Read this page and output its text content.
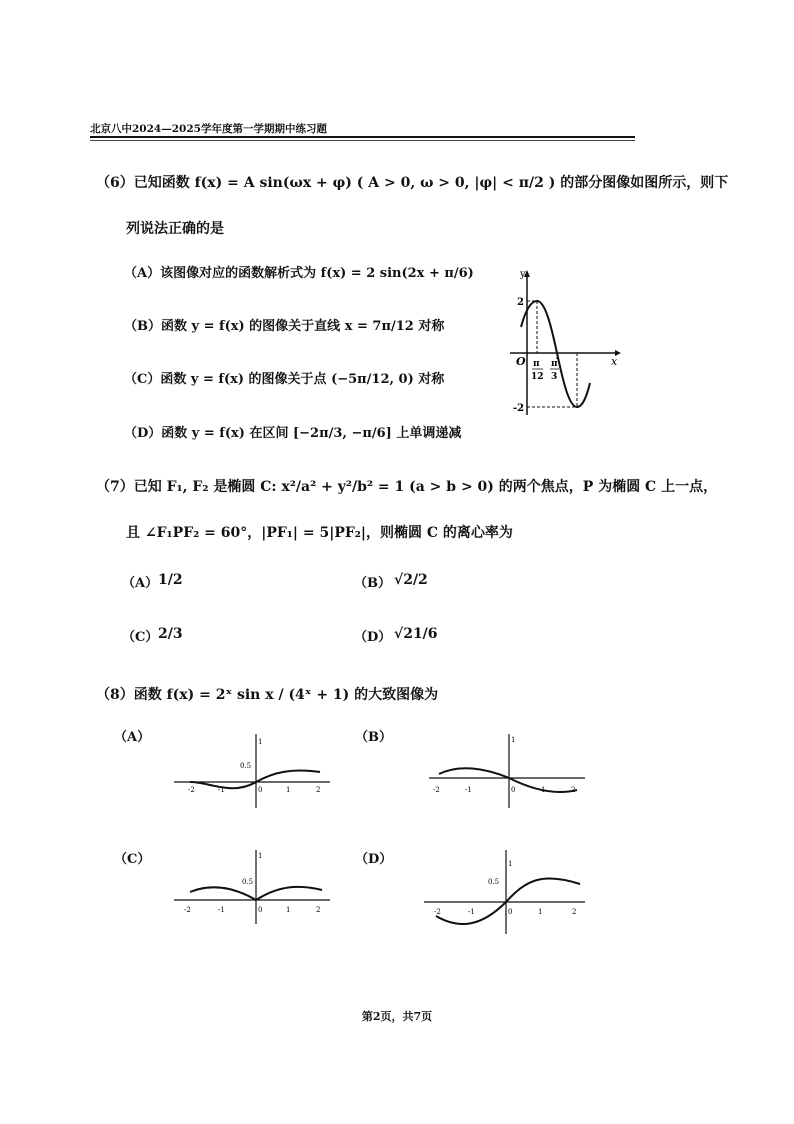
北京八中2024—2025学年度第一学期期中练习题
（6）已知函数 f(x) = A sin(ωx + φ) ( A > 0, ω > 0, |φ| < π/2 ) 的部分图像如图所示，则下
列说法正确的是
（A）该图像对应的函数解析式为 f(x) = 2 sin(2x + π/6)
（B）函数 y = f(x) 的图像关于直线 x = 7π/12 对称
（C）函数 y = f(x) 的图像关于点 (−5π/12, 0) 对称
（D）函数 y = f(x) 在区间 [−2π/3, −π/6] 上单调递减
y
x
O
2
-2
π
12
π
3
（7）已知 F₁, F₂ 是椭圆 C: x²/a² + y²/b² = 1 (a > b > 0) 的两个焦点，P 为椭圆 C 上一点，
且 ∠F₁PF₂ = 60°，|PF₁| = 5|PF₂|，则椭圆 C 的离心率为
（A） 1/2	（B） √2/2
（C） 2/3	（D） √21/6
（8）函数 f(x) = 2ˣ sin x / (4ˣ + 1) 的大致图像为
（A）	（B）
（C）	（D）
1
0.5
-2	-1	0	1	2
1
-2	-1	0	1	2
1
0.5
-2	-1	0	1	2
1
0.5
-2	-1	0	1	2
第2页，共7页
